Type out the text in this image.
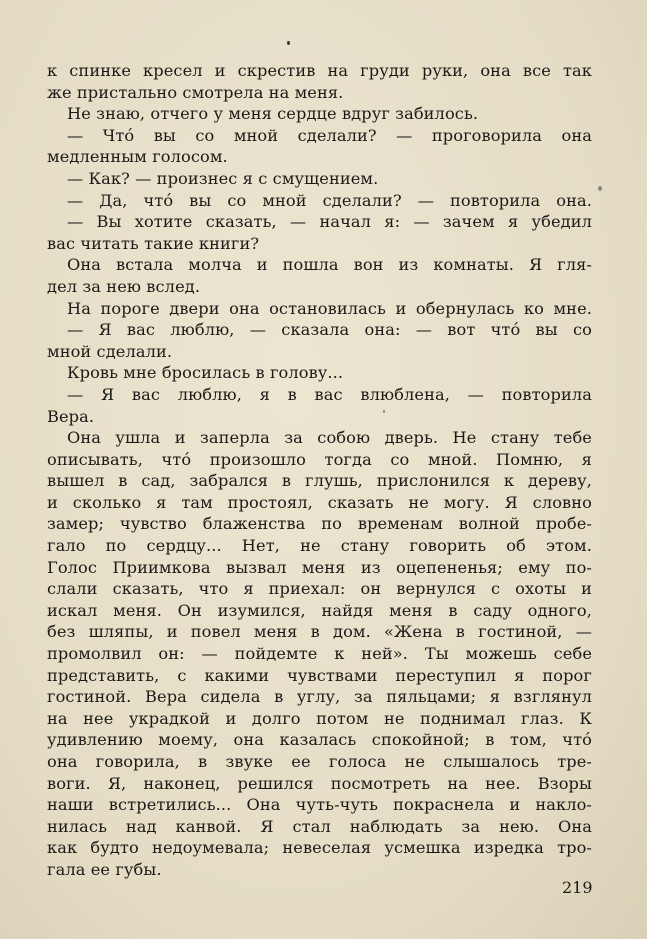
к спинке кресел и скрестив на груди руки, она все так
же пристально смотрела на меня.
Не знаю, отчего у меня сердце вдруг забилось.
— Что́ вы со мной сделали? — проговорила она
медленным голосом.
— Как? — произнес я с смущением.
— Да, что́ вы со мной сделали? — повторила она.
— Вы хотите сказать, — начал я: — зачем я убедил
вас читать такие книги?
Она встала молча и пошла вон из комнаты. Я гля-
дел за нею вслед.
На пороге двери она остановилась и обернулась ко мне.
— Я вас люблю, — сказала она: — вот что́ вы со
мной сделали.
Кровь мне бросилась в голову...
— Я вас люблю, я в вас влюблена, — повторила
Вера.
Она ушла и заперла за собою дверь. Не стану тебе
описывать, что́ произошло тогда со мной. Помню, я
вышел в сад, забрался в глушь, прислонился к дереву,
и сколько я там простоял, сказать не могу. Я словно
замер; чувство блаженства по временам волной пробе-
гало по сердцу... Нет, не стану говорить об этом.
Голос Приимкова вызвал меня из оцепененья; ему по-
слали сказать, что я приехал: он вернулся с охоты и
искал меня. Он изумился, найдя меня в саду одного,
без шляпы, и повел меня в дом. «Жена в гостиной, —
промолвил он: — пойдемте к ней». Ты можешь себе
представить, с какими чувствами переступил я порог
гостиной. Вера сидела в углу, за пяльцами; я взглянул
на нее украдкой и долго потом не поднимал глаз. К
удивлению моему, она казалась спокойной; в том, что́
она говорила, в звуке ее голоса не слышалось тре-
воги. Я, наконец, решился посмотреть на нее. Взоры
наши встретились... Она чуть-чуть покраснела и накло-
нилась над канвой. Я стал наблюдать за нею. Она
как будто недоумевала; невеселая усмешка изредка тро-
гала ее губы.
219
